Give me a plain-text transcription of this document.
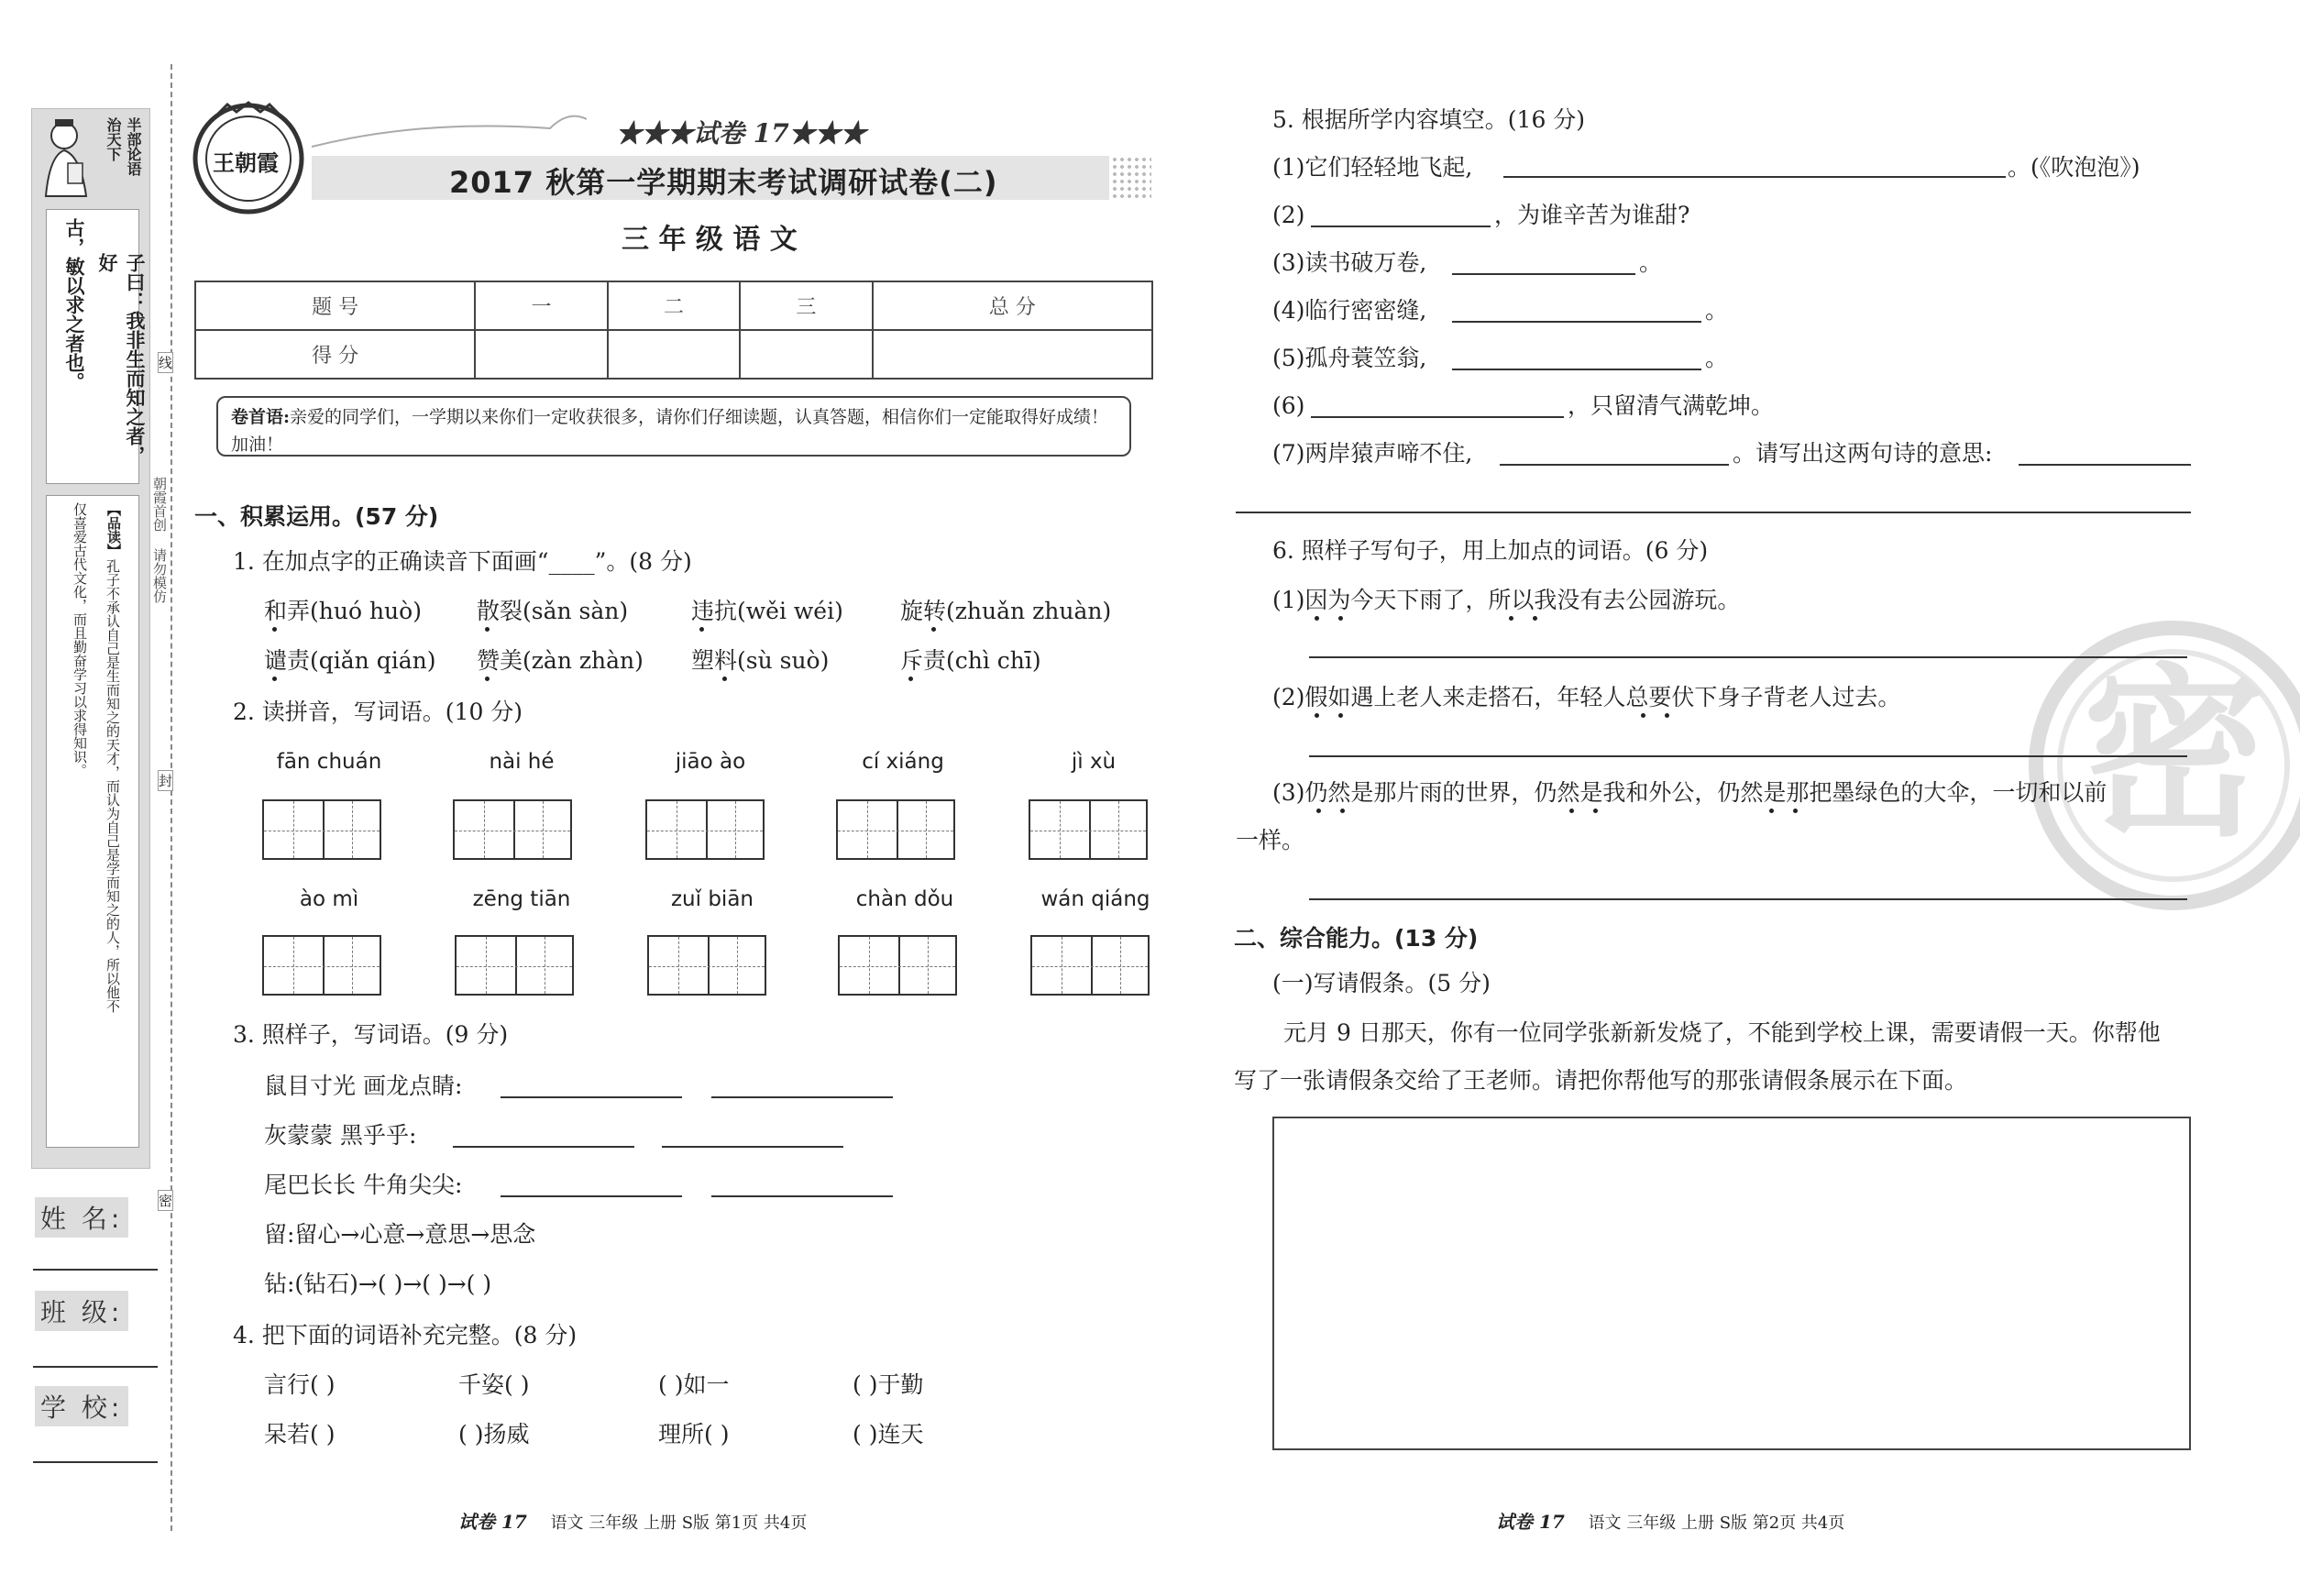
半部论语 治天下
子曰：我非生而知之者，好
古，敏以求之者也。
【品读】
孔子不承认自己是生而知之的天才，而认为自己是学而知之的人，所以他不
仅喜爱古代文化，而且勤奋学习以求得知识。
姓 名:
班 级:
学 校:
线
封
密
朝霞首创 请勿模仿
王朝霞
★★★试卷 17★★★
2017 秋第一学期期末考试调研试卷(二)
三 年 级 语 文
题 号	一	二	三	总 分
得 分				
卷首语:亲爱的同学们，一学期以来你们一定收获很多，请你们仔细读题，认真答题，相信你们一定能取得好成绩！加油！
一、积累运用。(57 分)
1. 在加点字的正确读音下面画“____”。(8 分)
和弄(huó huò) 散裂(sǎn sàn)	违抗(wěi wéi) 旋转(zhuǎn zhuàn)
谴责(qiǎn qián) 赞美(zàn zhàn) 塑料(sù suò)	斥责(chì chī)
2. 读拼音，写词语。(10 分)
fān chuán	nài hé	jiāo ào	cí xiáng	jì xù
ào mì	zēng tiān	zuǐ biān	chàn dǒu	wán qiáng
3. 照样子，写词语。(9 分)
鼠目寸光 画龙点睛:
灰蒙蒙 黑乎乎:
尾巴长长 牛角尖尖:
留:留心→心意→意思→思念
钻:(钻石)→( )→( )→( )
4. 把下面的词语补充完整。(8 分)
言行( )	千姿( )	( )如一	( )于勤
呆若( )	( )扬威	理所( )	( )连天
试卷 17 语文 三年级 上册 S版 第1页 共4页
密
5. 根据所学内容填空。(16 分)
(1)它们轻轻地飞起,	。(《吹泡泡》)
(2)	，为谁辛苦为谁甜?
(3)读书破万卷,	。
(4)临行密密缝,	。
(5)孤舟蓑笠翁,	。
(6)	，只留清气满乾坤。
(7)两岸猿声啼不住,	。请写出这两句诗的意思:
6. 照样子写句子，用上加点的词语。(6 分)
(1)因为今天下雨了，所以我没有去公园游玩。
(2)假如遇上老人来走搭石，年轻人总要伏下身子背老人过去。
(3)仍然是那片雨的世界，仍然是我和外公，仍然是那把墨绿色的大伞，一切和以前
一样。
二、综合能力。(13 分)
(一)写请假条。(5 分)
元月 9 日那天，你有一位同学张新新发烧了，不能到学校上课，需要请假一天。你帮他
写了一张请假条交给了王老师。请把你帮他写的那张请假条展示在下面。
试卷 17 语文 三年级 上册 S版 第2页 共4页
